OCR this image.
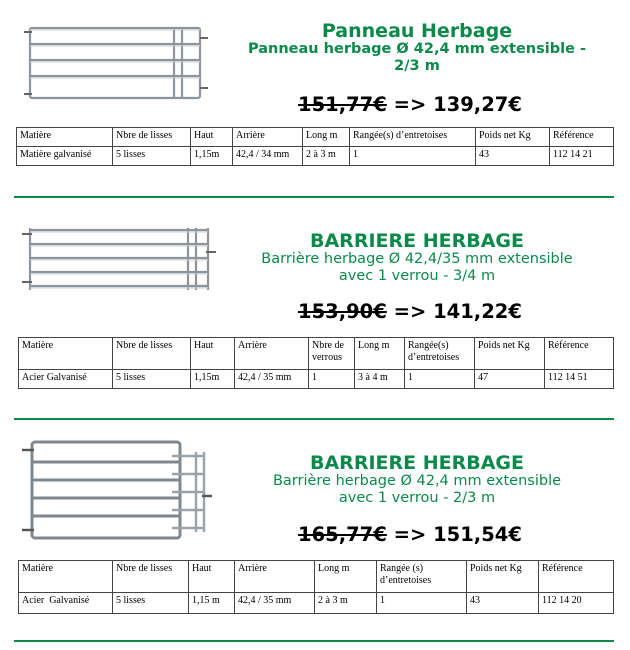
Panneau Herbage
Panneau herbage Ø 42,4 mm extensible -
2/3 m
151,77€ => 139,27€
Matière	Nbre de lisses	Haut	Arrière	Long m	Rangée(s) d’entretoises	Poids net Kg	Référence
Matière galvanisé	5 lisses	1,15m	42,4 / 34 mm	2 à 3 m	1	43	112 14 21
BARRIERE HERBAGE
Barrière herbage Ø 42,4/35 mm extensible
avec 1 verrou - 3/4 m
153,90€ => 141,22€
Matière	Nbre de lisses	Haut	Arrière	Nbre de verrous	Long m	Rangée(s) d’entretoises	Poids net Kg	Référence
Acier Galvanisé	5 lisses	1,15m	42,4 / 35 mm	1	3 à 4 m	1	47	112 14 51
BARRIERE HERBAGE
Barrière herbage Ø 42,4 mm extensible
avec 1 verrou - 2/3 m
165,77€ => 151,54€
Matière	Nbre de lisses	Haut	Arrière	Long m	Rangée (s) d’entretoises	Poids net Kg	Référence
Acier  Galvanisé	5 lisses	1,15 m	42,4 / 35 mm	2 à 3 m	1	43	112 14 20
